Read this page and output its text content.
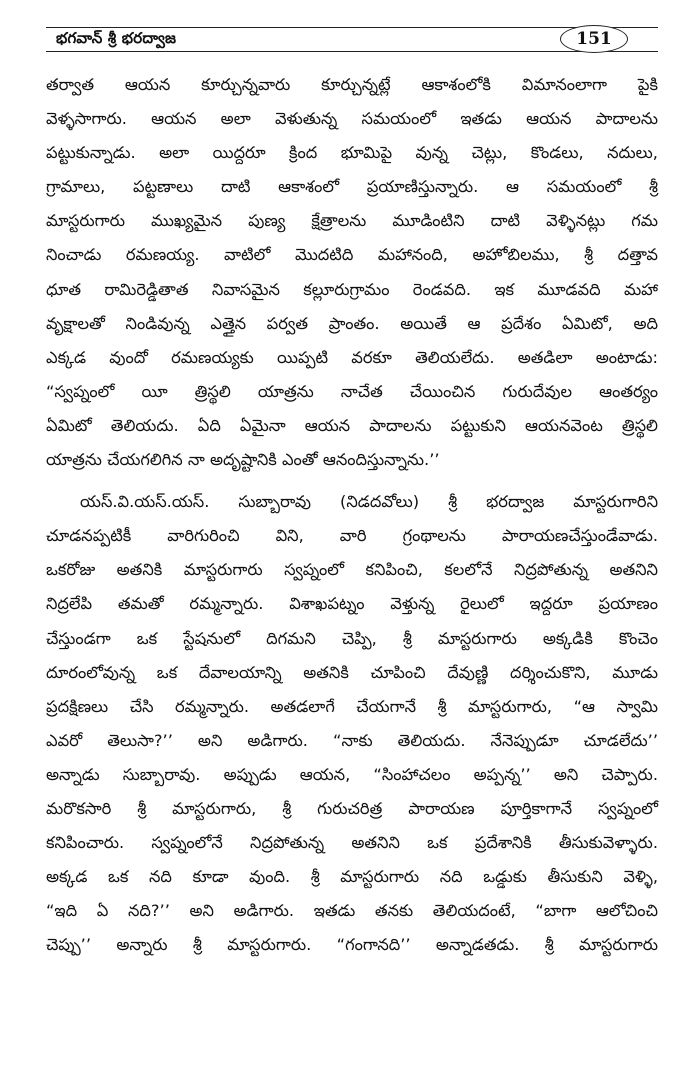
భగవాన్ శ్రీ భరద్వాజ	151
తర్వాత ఆయన కూర్చున్నవారు కూర్చున్నట్లే ఆకాశంలోకి విమానంలాగా పైకి
వెళ్ళసాగారు. ఆయన అలా వెళుతున్న సమయంలో ఇతడు ఆయన పాదాలను
పట్టుకున్నాడు. అలా యిద్దరూ క్రింద భూమిపై వున్న చెట్లు, కొండలు, నదులు,
గ్రామాలు, పట్టణాలు దాటి ఆకాశంలో ప్రయాణిస్తున్నారు. ఆ సమయంలో శ్రీ
మాస్టరుగారు ముఖ్యమైన పుణ్య క్షేత్రాలను మూడింటిని దాటి వెళ్ళినట్లు గమ
నించాడు రమణయ్య. వాటిలో మొదటిది మహానంది, అహోబిలము, శ్రీ దత్తావ
ధూత రామిరెడ్డితాత నివాసమైన కల్లూరుగ్రామం రెండవది. ఇక మూడవది మహా
వృక్షాలతో నిండివున్న ఎత్తైన పర్వత ప్రాంతం. అయితే ఆ ప్రదేశం ఏమిటో, అది
ఎక్కడ వుందో రమణయ్యకు యిప్పటి వరకూ తెలియలేదు. అతడిలా అంటాడు:
“స్వప్నంలో యీ త్రిస్థలి యాత్రను నాచేత చేయించిన గురుదేవుల ఆంతర్యం
ఏమిటో తెలియదు. ఏది ఏమైనా ఆయన పాదాలను పట్టుకుని ఆయనవెంట త్రిస్థలి
యాత్రను చేయగలిగిన నా అదృష్టానికి ఎంతో ఆనందిస్తున్నాను.’’
యస్.వి.యస్.యస్. సుబ్బారావు (నిడదవోలు) శ్రీ భరద్వాజ మాస్టరుగారిని
చూడనప్పటికీ వారిగురించి విని, వారి గ్రంథాలను పారాయణచేస్తుండేవాడు.
ఒకరోజు అతనికి మాస్టరుగారు స్వప్నంలో కనిపించి, కలలోనే నిద్రపోతున్న అతనిని
నిద్రలేపి తమతో రమ్మన్నారు. విశాఖపట్నం వెళ్తున్న రైలులో ఇద్దరూ ప్రయాణం
చేస్తుండగా ఒక స్టేషనులో దిగమని చెప్పి, శ్రీ మాస్టరుగారు అక్కడికి కొంచెం
దూరంలోవున్న ఒక దేవాలయాన్ని అతనికి చూపించి దేవుణ్ణి దర్శించుకొని, మూడు
ప్రదక్షిణలు చేసి రమ్మన్నారు. అతడలాగే చేయగానే శ్రీ మాస్టరుగారు, “ఆ స్వామి
ఎవరో తెలుసా?’’ అని అడిగారు. “నాకు తెలియదు. నేనెప్పుడూ చూడలేదు’’
అన్నాడు సుబ్బారావు. అప్పుడు ఆయన, “సింహాచలం అప్పన్న’’ అని చెప్పారు.
మరొకసారి శ్రీ మాస్టరుగారు, శ్రీ గురుచరిత్ర పారాయణ పూర్తికాగానే స్వప్నంలో
కనిపించారు. స్వప్నంలోనే నిద్రపోతున్న అతనిని ఒక ప్రదేశానికి తీసుకువెళ్ళారు.
అక్కడ ఒక నది కూడా వుంది. శ్రీ మాస్టరుగారు నది ఒడ్డుకు తీసుకుని వెళ్ళి,
“ఇది ఏ నది?’’ అని అడిగారు. ఇతడు తనకు తెలియదంటే, “బాగా ఆలోచించి
చెప్పు’’ అన్నారు శ్రీ మాస్టరుగారు. “గంగానది’’ అన్నాడతడు. శ్రీ మాస్టరుగారు
